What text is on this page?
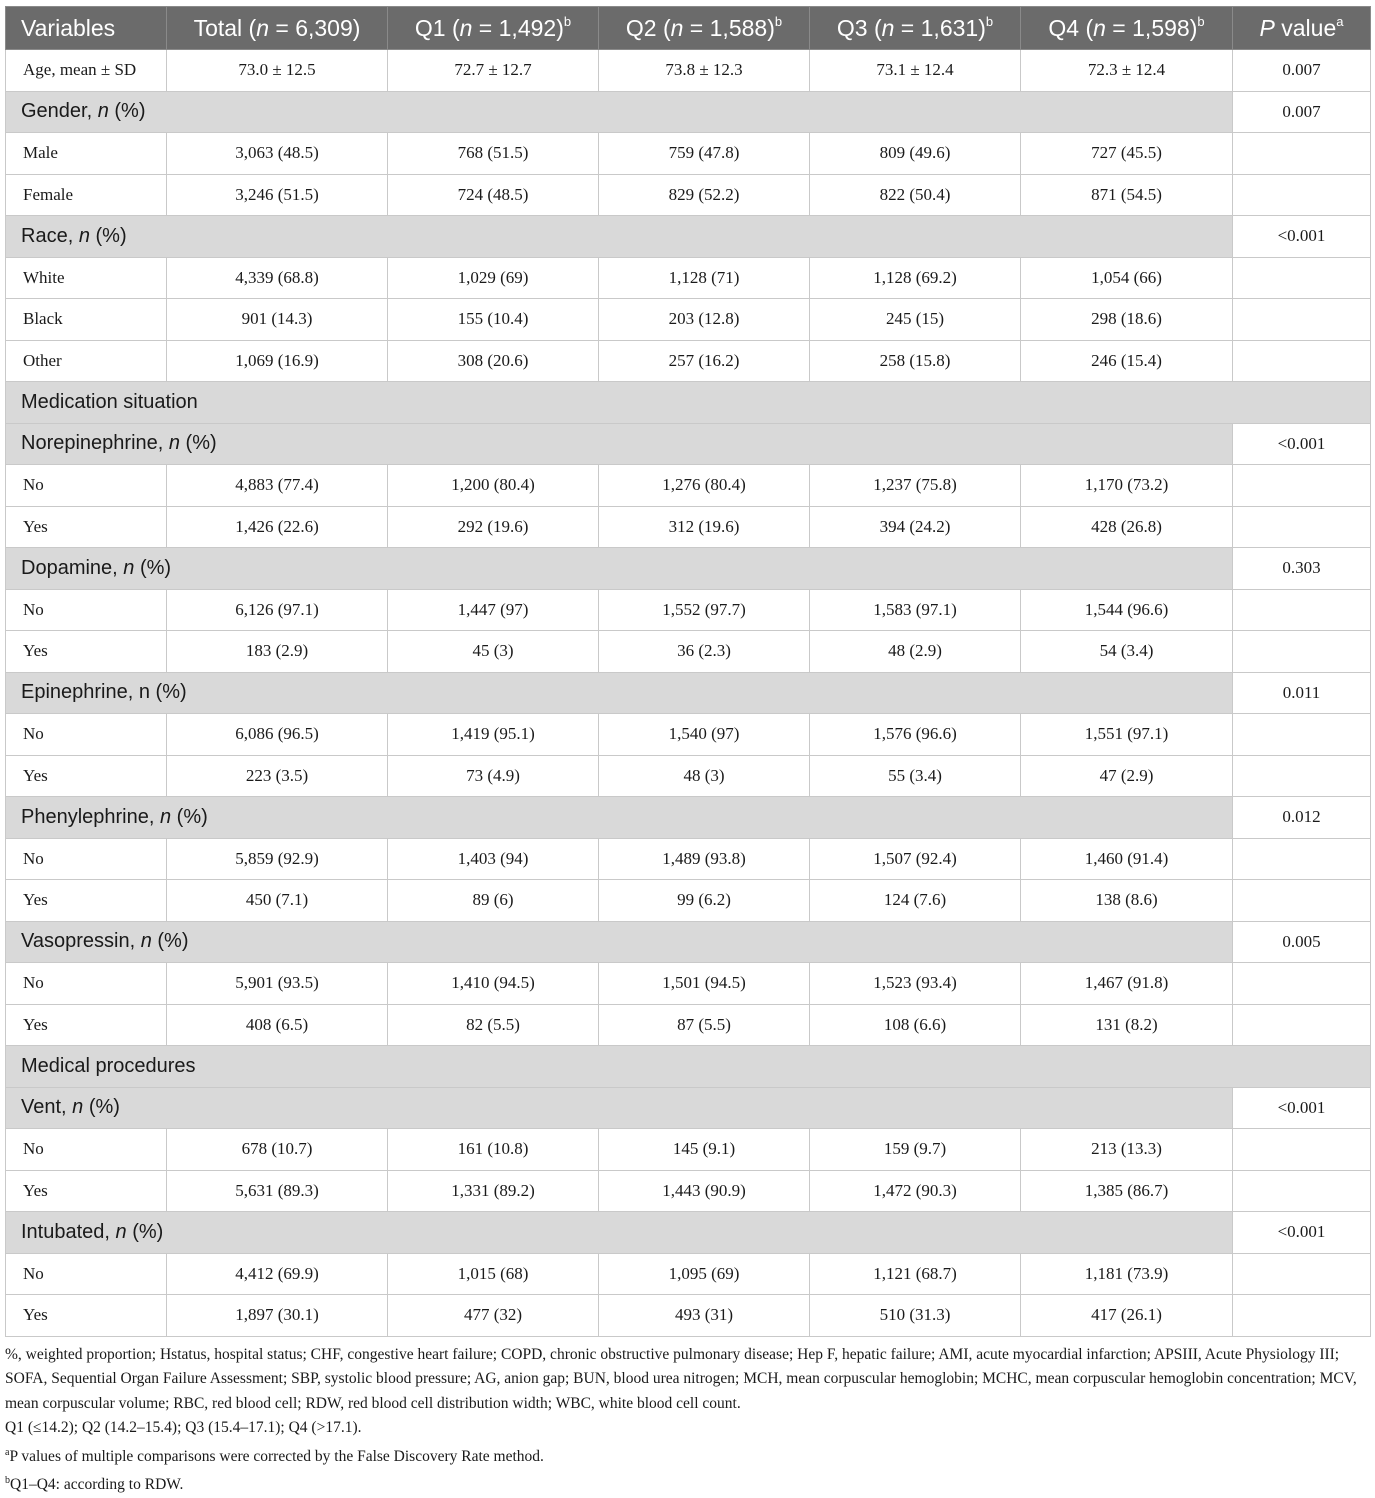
Variables	Total (n = 6,309)	Q1 (n = 1,492)$^b$	Q2 (n = 1,588)$^b$	Q3 (n = 1,631)$^b$	Q4 (n = 1,598)$^b$	P value$^a$
Age, mean ± SD	73.0 ± 12.5	72.7 ± 12.7	73.8 ± 12.3	73.1 ± 12.4	72.3 ± 12.4	0.007
Gender, n (%)						0.007
Male	3,063 (48.5)	768 (51.5)	759 (47.8)	809 (49.6)	727 (45.5)	
Female	3,246 (51.5)	724 (48.5)	829 (52.2)	822 (50.4)	871 (54.5)	
Race, n (%)						<0.001
White	4,339 (68.8)	1,029 (69)	1,128 (71)	1,128 (69.2)	1,054 (66)	
Black	901 (14.3)	155 (10.4)	203 (12.8)	245 (15)	298 (18.6)	
Other	1,069 (16.9)	308 (20.6)	257 (16.2)	258 (15.8)	246 (15.4)	
Medication situation						
Norepinephrine, n (%)						<0.001
No	4,883 (77.4)	1,200 (80.4)	1,276 (80.4)	1,237 (75.8)	1,170 (73.2)	
Yes	1,426 (22.6)	292 (19.6)	312 (19.6)	394 (24.2)	428 (26.8)	
Dopamine, n (%)						0.303
No	6,126 (97.1)	1,447 (97)	1,552 (97.7)	1,583 (97.1)	1,544 (96.6)	
Yes	183 (2.9)	45 (3)	36 (2.3)	48 (2.9)	54 (3.4)	
Epinephrine, n (%)						0.011
No	6,086 (96.5)	1,419 (95.1)	1,540 (97)	1,576 (96.6)	1,551 (97.1)	
Yes	223 (3.5)	73 (4.9)	48 (3)	55 (3.4)	47 (2.9)	
Phenylephrine, n (%)						0.012
No	5,859 (92.9)	1,403 (94)	1,489 (93.8)	1,507 (92.4)	1,460 (91.4)	
Yes	450 (7.1)	89 (6)	99 (6.2)	124 (7.6)	138 (8.6)	
Vasopressin, n (%)						0.005
No	5,901 (93.5)	1,410 (94.5)	1,501 (94.5)	1,523 (93.4)	1,467 (91.8)	
Yes	408 (6.5)	82 (5.5)	87 (5.5)	108 (6.6)	131 (8.2)	
Medical procedures						
Vent, n (%)						<0.001
No	678 (10.7)	161 (10.8)	145 (9.1)	159 (9.7)	213 (13.3)	
Yes	5,631 (89.3)	1,331 (89.2)	1,443 (90.9)	1,472 (90.3)	1,385 (86.7)	
Intubated, n (%)						<0.001
No	4,412 (69.9)	1,015 (68)	1,095 (69)	1,121 (68.7)	1,181 (73.9)	
Yes	1,897 (30.1)	477 (32)	493 (31)	510 (31.3)	417 (26.1)	

%, weighted proportion; Hstatus, hospital status; CHF, congestive heart failure; COPD, chronic obstructive pulmonary disease; Hep F, hepatic failure; AMI, acute myocardial infarction; APSIII, Acute Physiology III; SOFA, Sequential Organ Failure Assessment; SBP, systolic blood pressure; AG, anion gap; BUN, blood urea nitrogen; MCH, mean corpuscular hemoglobin; MCHC, mean corpuscular hemoglobin concentration; MCV, mean corpuscular volume; RBC, red blood cell; RDW, red blood cell distribution width; WBC, white blood cell count.

Q1 (≤14.2); Q2 (14.2–15.4); Q3 (15.4–17.1); Q4 (>17.1).

$^a$P values of multiple comparisons were corrected by the False Discovery Rate method.

$^b$Q1–Q4: according to RDW.
